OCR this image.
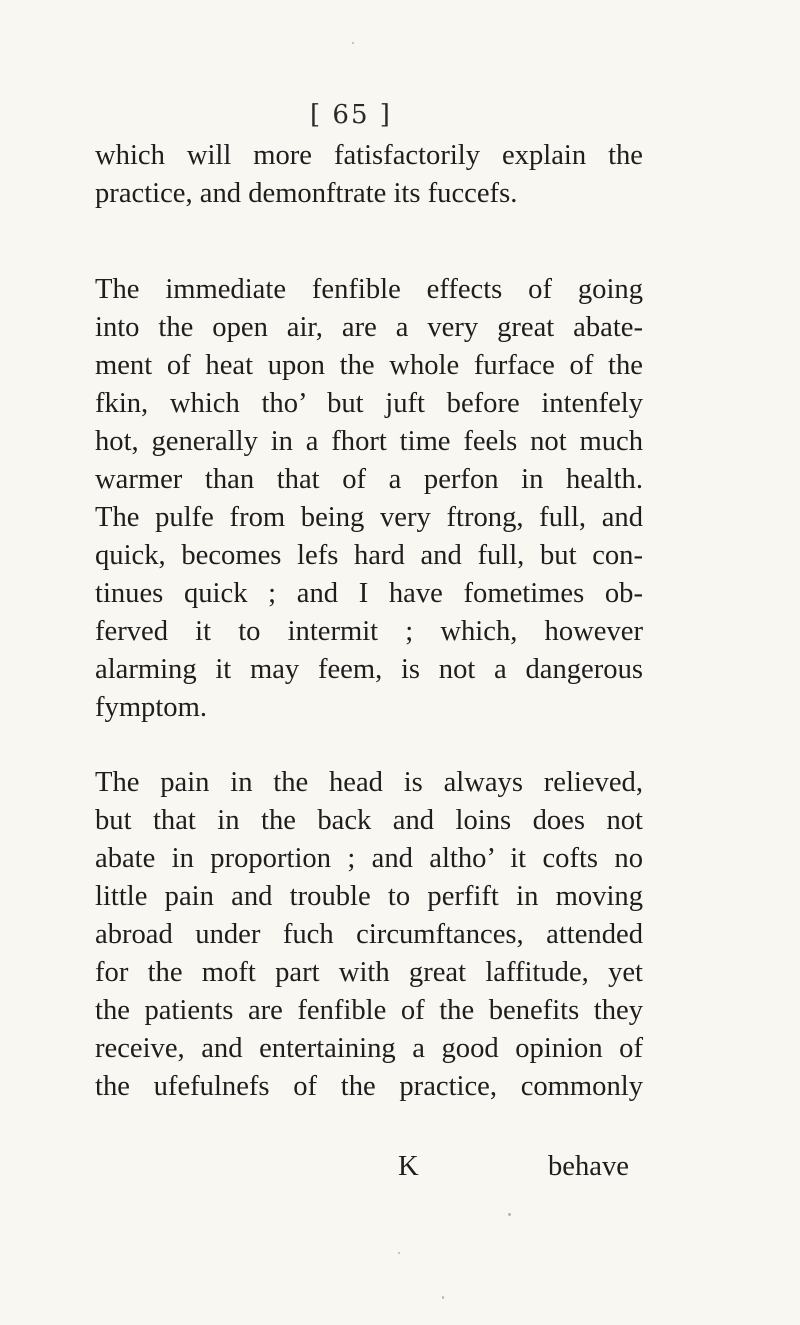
[ 65 ]
which will more fatisfactorily explain the
practice, and demonftrate its fuccefs.
The immediate fenfible effects of going
into the open air, are a very great abate-
ment of heat upon the whole furface of the
fkin, which tho’ but juft before intenfely
hot, generally in a fhort time feels not much
warmer than that of a perfon in health.
The pulfe from being very ftrong, full, and
quick, becomes lefs hard and full, but con-
tinues quick ; and I have fometimes ob-
ferved it to intermit ; which, however
alarming it may feem, is not a dangerous
fymptom.
The pain in the head is always relieved,
but that in the back and loins does not
abate in proportion ; and altho’ it cofts no
little pain and trouble to perfift in moving
abroad under fuch circumftances, attended
for the moft part with great laffitude, yet
the patients are fenfible of the benefits they
receive, and entertaining a good opinion of
the ufefulnefs of the practice, commonly
K	behave
